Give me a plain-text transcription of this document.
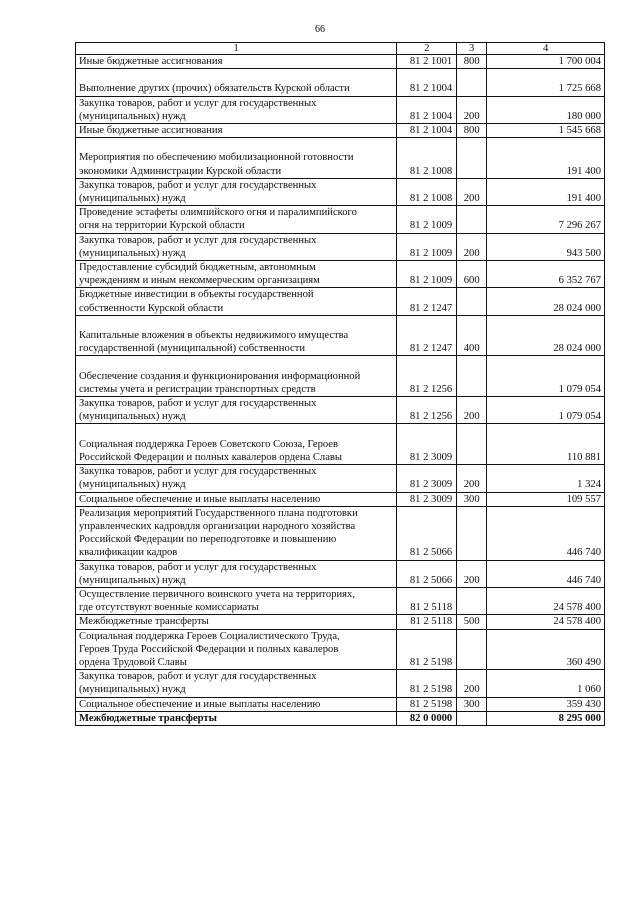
66
1	2	3	4
Иные бюджетные ассигнования	81 2 1001	800	1 700 004
Выполнение других (прочих) обязательств Курской области	81 2 1004		1 725 668
Закупка товаров, работ и услуг для государственных
(муниципальных) нужд	81 2 1004	200	180 000
Иные бюджетные ассигнования	81 2 1004	800	1 545 668
Мероприятия по обеспечению мобилизационной готовности
экономики Администрации Курской области	81 2 1008		191 400
Закупка товаров, работ и услуг для государственных
(муниципальных) нужд	81 2 1008	200	191 400
Проведение эстафеты олимпийского огня и паралимпийского
огня на территории Курской области	81 2 1009		7 296 267
Закупка товаров, работ и услуг для государственных
(муниципальных) нужд	81 2 1009	200	943 500
Предоставление субсидий бюджетным, автономным
учреждениям и иным некоммерческим организациям	81 2 1009	600	6 352 767
Бюджетные инвестиции в объекты государственной
собственности Курской области	81 2 1247		28 024 000
Капитальные вложения в объекты недвижимого имущества
государственной (муниципальной) собственности	81 2 1247	400	28 024 000
Обеспечение создания и функционирования информационной
системы учета и регистрации транспортных средств	81 2 1256		1 079 054
Закупка товаров, работ и услуг для государственных
(муниципальных) нужд	81 2 1256	200	1 079 054
Социальная поддержка Героев Советского Союза, Героев
Российской Федерации и полных кавалеров ордена Славы	81 2 3009		110 881
Закупка товаров, работ и услуг для государственных
(муниципальных) нужд	81 2 3009	200	1 324
Социальное обеспечение и иные выплаты населению	81 2 3009	300	109 557
Реализация мероприятий Государственного плана подготовки
управленческих кадровдля организации народного хозяйства
Российской Федерации по переподготовке и повышению
квалификации кадров	81 2 5066		446 740
Закупка товаров, работ и услуг для государственных
(муниципальных) нужд	81 2 5066	200	446 740
Осуществление первичного воинского учета на территориях,
где отсутствуют военные комиссариаты	81 2 5118		24 578 400
Межбюджетные трансферты	81 2 5118	500	24 578 400
Социальная поддержка Героев Социалистического Труда,
Героев Труда Российской Федерации и полных кавалеров
ордена Трудовой Славы	81 2 5198		360 490
Закупка товаров, работ и услуг для государственных
(муниципальных) нужд	81 2 5198	200	1 060
Социальное обеспечение и иные выплаты населению	81 2 5198	300	359 430
Межбюджетные трансферты	82 0 0000		8 295 000
